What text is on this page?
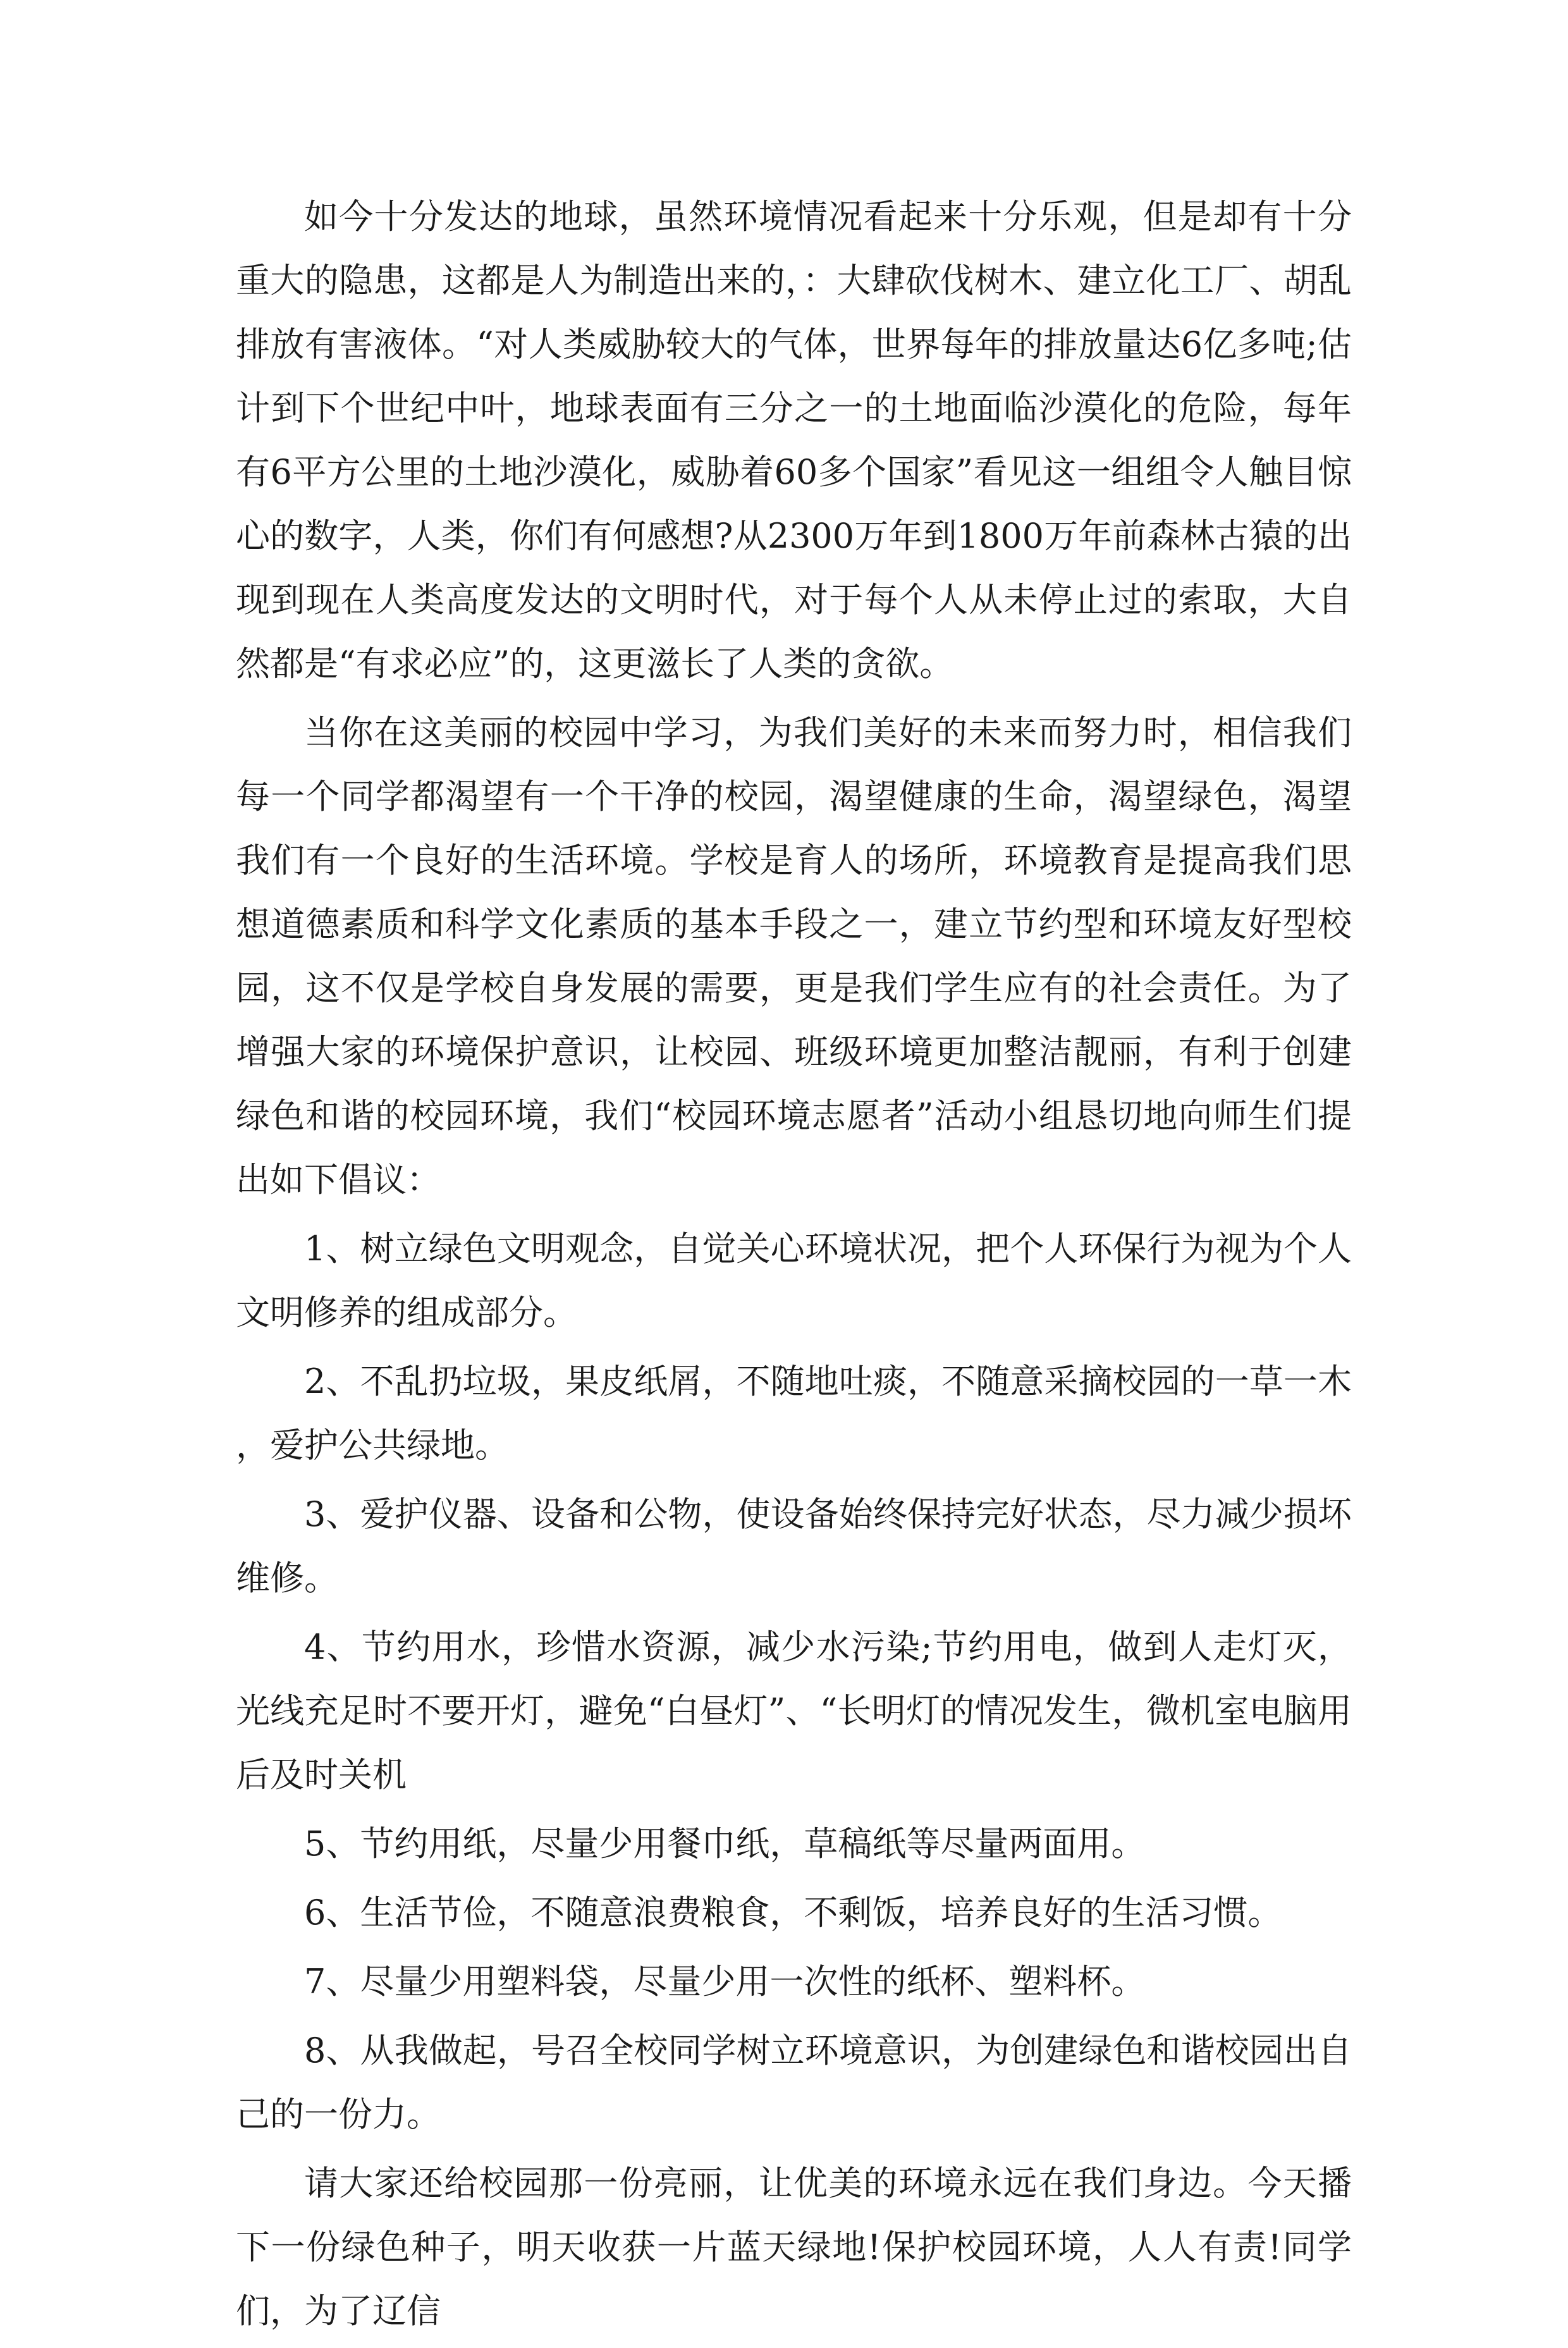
如今十分发达的地球，虽然环境情况看起来十分乐观，但是却有十分重大的隐患，这都是人为制造出来的，：大肆砍伐树木、建立化工厂、胡乱排放有害液体。“对人类威胁较大的气体，世界每年的排放量达6亿多吨;估计到下个世纪中叶，地球表面有三分之一的土地面临沙漠化的危险，每年有6平方公里的土地沙漠化，威胁着60多个国家”看见这一组组令人触目惊心的数字，人类，你们有何感想?从2300万年到1800万年前森林古猿的出现到现在人类高度发达的文明时代，对于每个人从未停止过的索取，大自然都是“有求必应”的，这更滋长了人类的贪欲。

当你在这美丽的校园中学习，为我们美好的未来而努力时，相信我们每一个同学都渴望有一个干净的校园，渴望健康的生命，渴望绿色，渴望我们有一个良好的生活环境。学校是育人的场所，环境教育是提高我们思想道德素质和科学文化素质的基本手段之一，建立节约型和环境友好型校园，这不仅是学校自身发展的需要，更是我们学生应有的社会责任。为了增强大家的环境保护意识，让校园、班级环境更加整洁靓丽，有利于创建绿色和谐的校园环境，我们“校园环境志愿者”活动小组恳切地向师生们提出如下倡议：

1、树立绿色文明观念，自觉关心环境状况，把个人环保行为视为个人文明修养的组成部分。

2、不乱扔垃圾，果皮纸屑，不随地吐痰，不随意采摘校园的一草一木，爱护公共绿地。

3、爱护仪器、设备和公物，使设备始终保持完好状态，尽力减少损坏维修。

4、节约用水，珍惜水资源，减少水污染;节约用电，做到人走灯灭，光线充足时不要开灯，避免“白昼灯”、“长明灯的情况发生，微机室电脑用后及时关机

5、节约用纸，尽量少用餐巾纸，草稿纸等尽量两面用。

6、生活节俭，不随意浪费粮食，不剩饭，培养良好的生活习惯。

7、尽量少用塑料袋，尽量少用一次性的纸杯、塑料杯。

8、从我做起，号召全校同学树立环境意识，为创建绿色和谐校园出自己的一份力。

请大家还给校园那一份亮丽，让优美的环境永远在我们身边。今天播下一份绿色种子，明天收获一片蓝天绿地!保护校园环境，人人有责!同学们，为了辽信
